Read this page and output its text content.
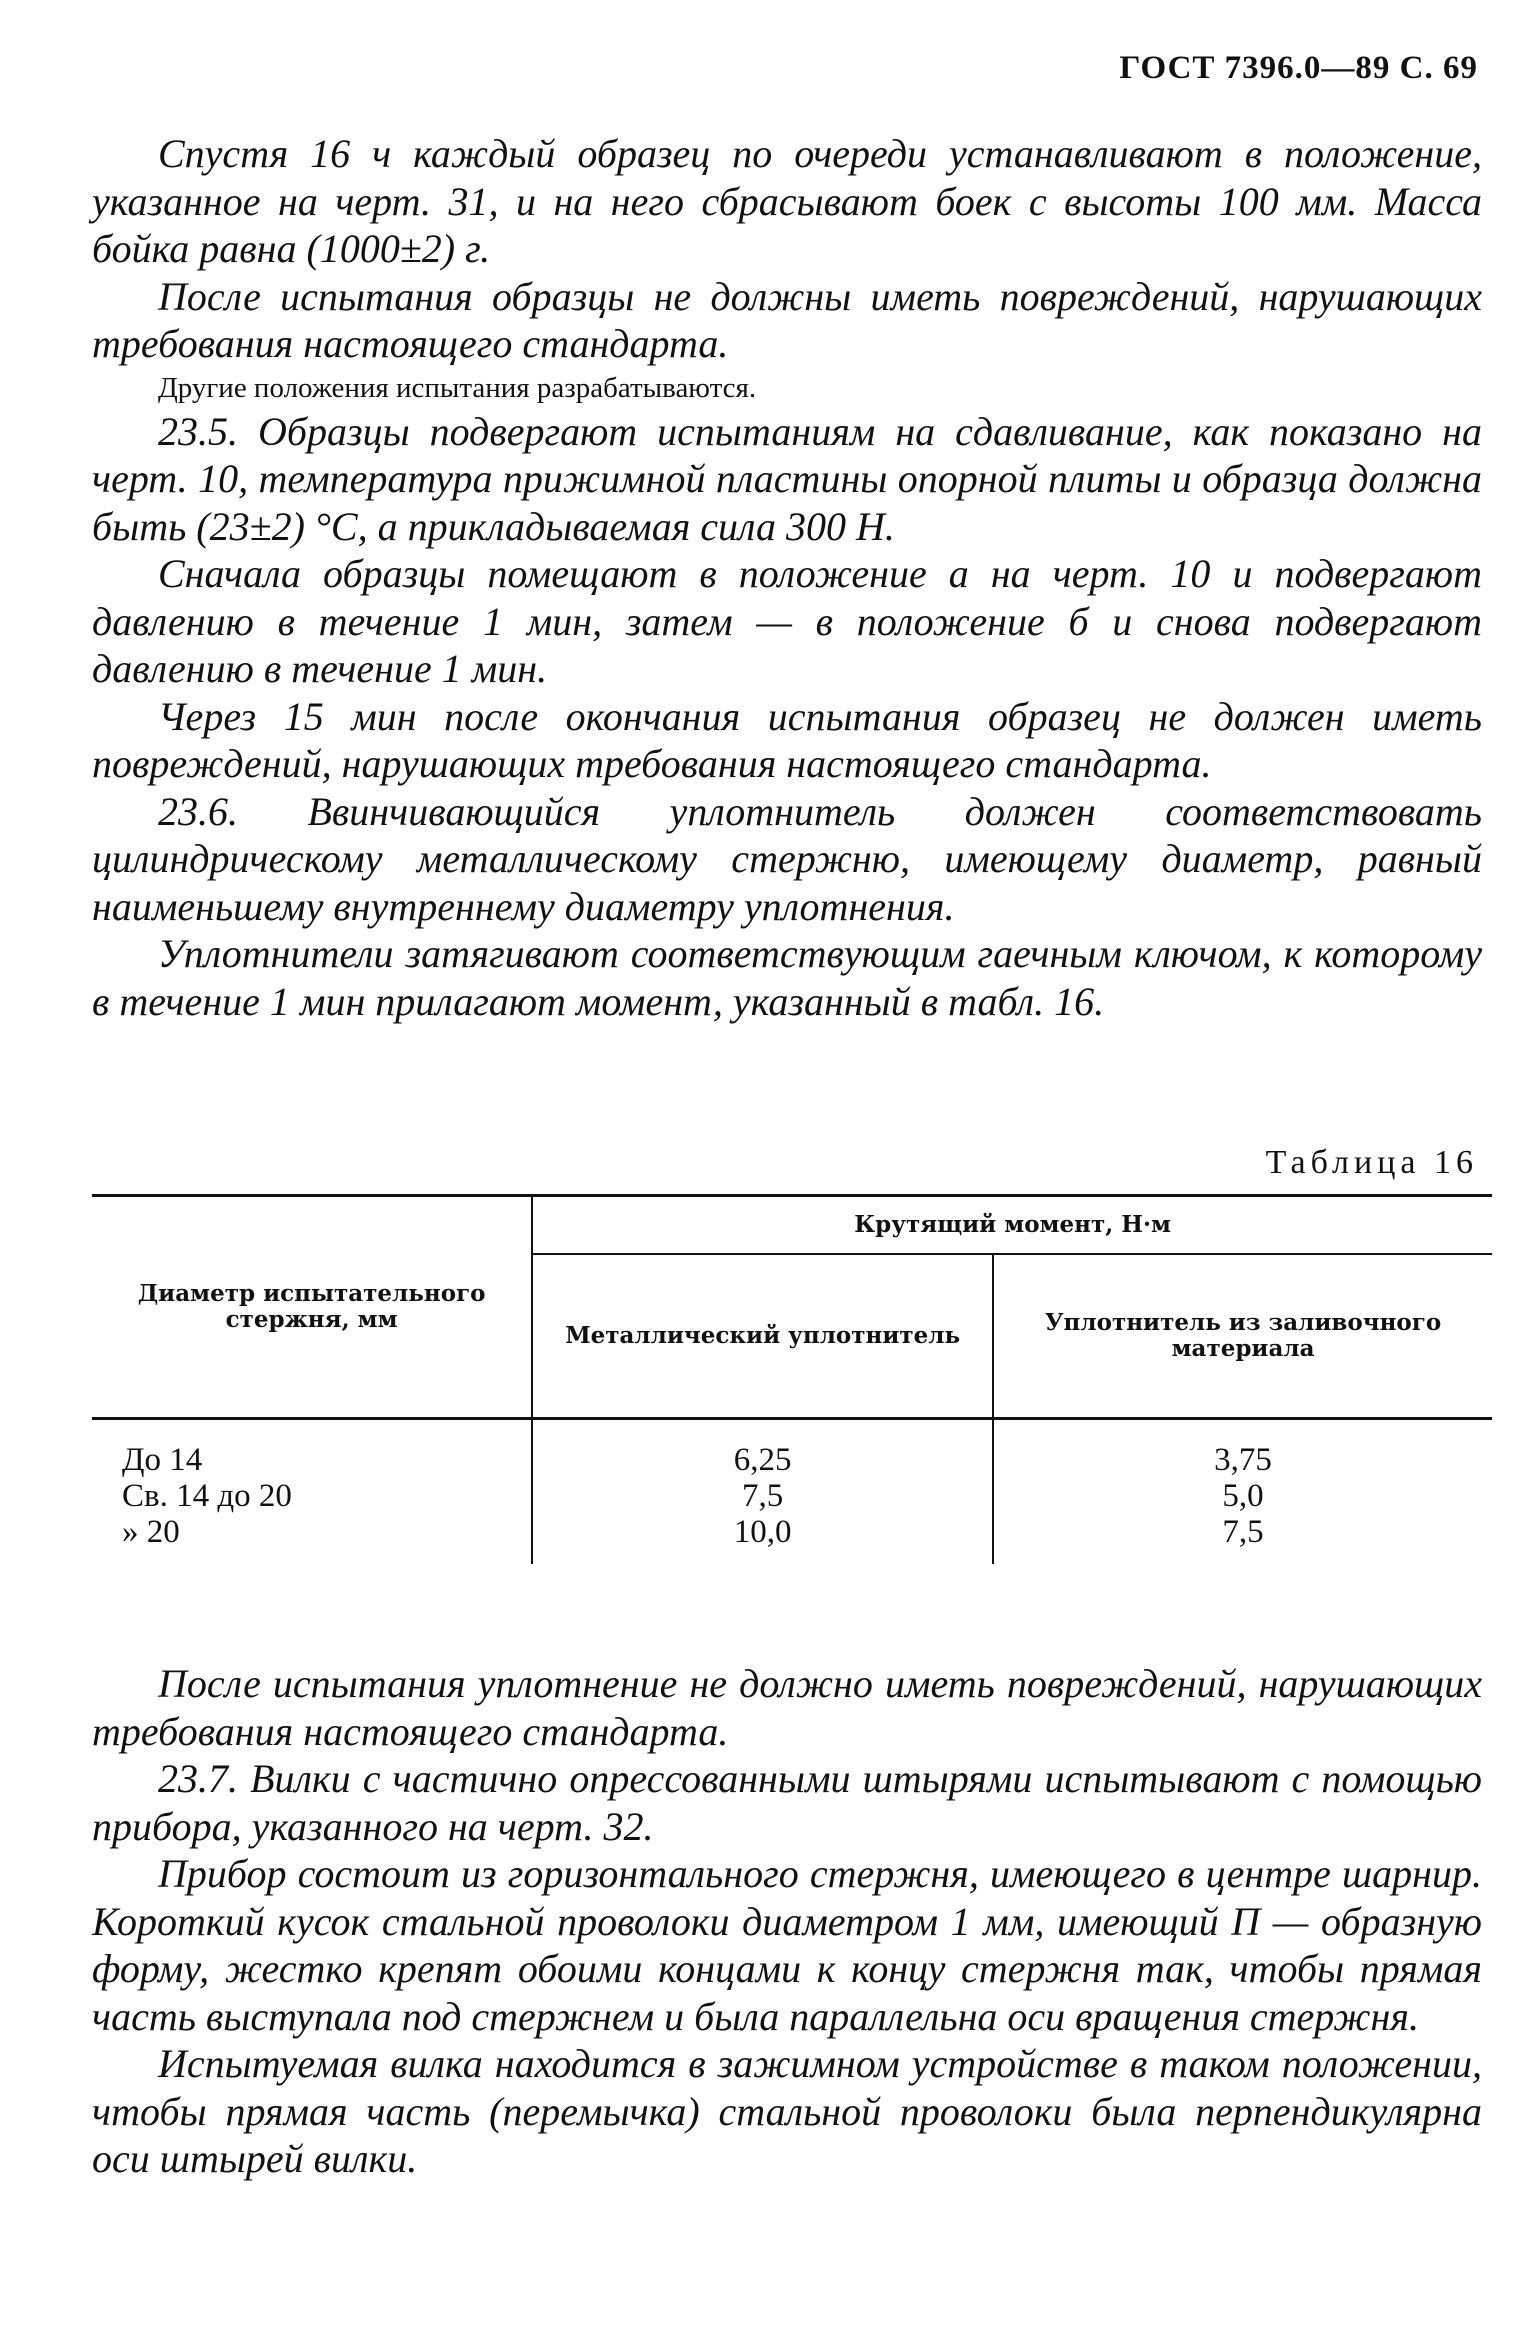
ГОСТ 7396.0—89 С. 69

Спустя 16 ч каждый образец по очереди устанавливают в положение, указанное на черт. 31, и на него сбрасывают боек с высоты 100 мм. Масса бойка равна (1000±2) г.

После испытания образцы не должны иметь повреждений, нарушающих требования настоящего стандарта.

Другие положения испытания разрабатываются.

23.5. Образцы подвергают испытаниям на сдавливание, как показано на черт. 10, температура прижимной пластины опорной плиты и образца должна быть (23±2) °С, а прикладываемая сила 300 Н.

Сначала образцы помещают в положение а на черт. 10 и подвергают давлению в течение 1 мин, затем — в положение б и снова подвергают давлению в течение 1 мин.

Через 15 мин после окончания испытания образец не должен иметь повреждений, нарушающих требования настоящего стандарта.

23.6. Ввинчивающийся уплотнитель должен соответствовать цилиндрическому металлическому стержню, имеющему диаметр, равный наименьшему внутреннему диаметру уплотнения.

Уплотнители затягивают соответствующим гаечным ключом, к которому в течение 1 мин прилагают момент, указанный в табл. 16.

Таблица 16
Диаметр испытательного стержня, мм	Крутящий момент, Н·м	
	Металлический уплотнитель	Уплотнитель из заливочного материала
До 14	6,25	3,75
Св. 14 до 20	7,5	5,0
» 20	10,0	7,5

После испытания уплотнение не должно иметь повреждений, нарушающих требования настоящего стандарта.

23.7. Вилки с частично опрессованными штырями испытывают с помощью прибора, указанного на черт. 32.

Прибор состоит из горизонтального стержня, имеющего в центре шарнир. Короткий кусок стальной проволоки диаметром 1 мм, имеющий П — образную форму, жестко крепят обоими концами к концу стержня так, чтобы прямая часть выступала под стержнем и была параллельна оси вращения стержня.

Испытуемая вилка находится в зажимном устройстве в таком положении, чтобы прямая часть (перемычка) стальной проволоки была перпендикулярна оси штырей вилки.
